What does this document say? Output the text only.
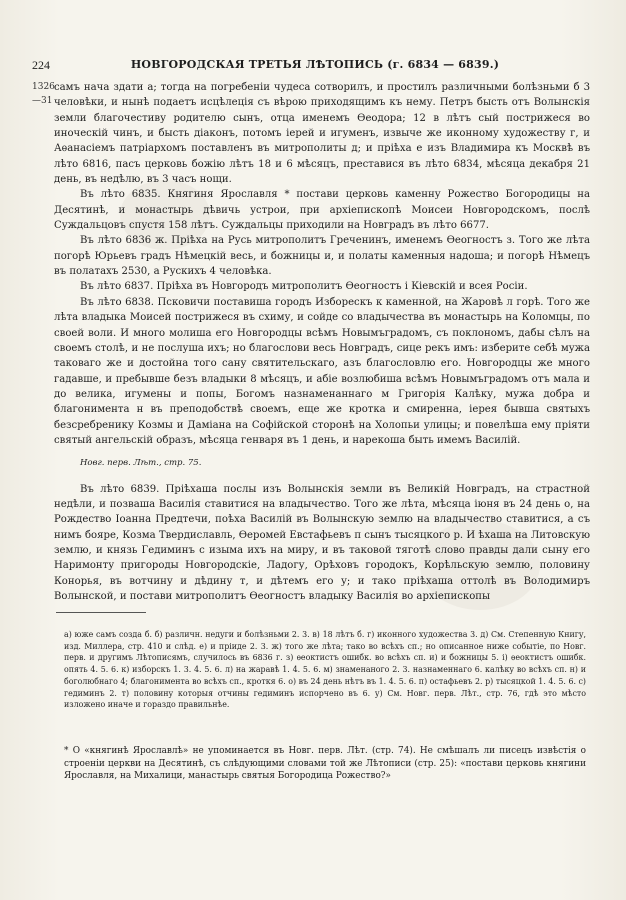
224	НОВГОРОДСКАЯ ТРЕТЬЯ ЛѢТОПИСЬ (г. 6834 — 6839.)
1326
—31

самъ нача здати а; тогда на погребеніи чудеса сотворилъ, и простилъ различными болѣзньми б 3 человѣки, и нынѣ подаетъ исцѣлеція съ вѣрою приходящимъ къ нему. Петръ бысть отъ Волынскія земли благочестиву родителю сынъ, отца именемъ Ѳеодора; 12 в лѣтъ сый пострижеся во иноческій чинъ, и бысть діаконъ, потомъ іерей и игуменъ, извыче же иконному художеству г, и Аѳанасіемъ патріархомъ поставленъ въ митрополиты д; и пріѣха е изъ Владимира къ Москвѣ въ лѣто 6816, пасъ церковь божію лѣтъ 18 и 6 мѣсяцъ, преставися въ лѣто 6834, мѣсяца декабря 21 день, въ недѣлю, въ 3 часъ нощи.

Въ лѣто 6835. Княгиня Ярославля * постави церковь каменну Рожество Богородицы на Десятинѣ, и монастырь дѣвичь устрои, при архіепископѣ Моисеи Новгородскомъ, послѣ Суждальцовъ спустя 158 лѣтъ. Суждальцы приходили на Новградъ въ лѣто 6677.

Въ лѣто 6836 ж. Пріѣха на Русь митрополитъ Греченинъ, именемъ Ѳеогностъ з. Того же лѣта погорѣ Юрьевъ градъ Нѣмецкій весь, и божницы и, и полаты каменныя надоша; и погорѣ Нѣмецъ въ полатахъ 2530, а Рускихъ 4 человѣка.

Въ лѣто 6837. Пріѣха въ Новгородъ митрополитъ Ѳеогностъ і Кіевскій и всея Росіи.

Въ лѣто 6838. Псковичи поставиша городъ Изборескъ к каменной, на Жаровѣ л горѣ. Того же лѣта владыка Моисей пострижеся въ схиму, и сойде со владычества въ монастырь на Коломцы, по своей воли. И много молиша его Новгородцы всѣмъ Новымъградомъ, съ поклономъ, дабы сѣлъ на своемъ столѣ, и не послуша ихъ; но благослови весь Новградъ, сице рекъ имъ: изберите себѣ мужа таковаго же и достойна того сану святительскаго, азъ благословлю его. Новгородцы же много гадавше, и пребывше безъ владыки 8 мѣсяцъ, и абіе возлюбиша всѣмъ Новымъградомъ отъ мала и до велика, игумены и попы, Богомъ назнаменаннаго м Григорія Калѣку, мужа добра и благонимента н въ преподобствѣ своемъ, еще же кротка и смиренна, іерея бывша святыхъ безсребренику Козмы и Даміана на Софійской сторонѣ на Холопьи улицы; и повелѣша ему пріяти святый ангельскій образъ, мѣсяца генваря въ 1 день, и нарекоша быть имемъ Василій.

Новг. перв. Лѣт., стр. 75.

Въ лѣто 6839. Пріѣхаша послы изъ Волынскія земли въ Великій Новградъ, на страстной недѣли, и позваша Василія ставитися на владычество. Того же лѣта, мѣсяца іюня въ 24 день о, на Рождество Іоанна Предтечи, поѣха Василій въ Волынскую землю на владычество ставитися, а съ нимъ бояре, Козма Твердиславль, Ѳеромей Евстафьевъ п сынъ тысяцкого р. И ѣхаша на Литовскую землю, и князь Гедиминъ с изыма ихъ на миру, и въ таковой тяготѣ слово правды дали сыну его Наримонту пригороды Новгородскіе, Ладогу, Орѣховъ городокъ, Корѣльскую землю, половину Конорья, въ вотчину и дѣдину т, и дѣтемъ его у; и тако пріѣхаша оттолѣ въ Володимиръ Волынской, и постави митрополитъ Ѳеогностъ владыку Василія во архіепископы

а) юже самъ созда б. б) различн. недуги и болѣзньми 2. 3. в) 18 лѣтъ б. г) иконного художества 3. д) См. Степенную Книгу, изд. Миллера, стр. 410 и слѣд. е) и пріиде 2. 3. ж) того же лѣта; тако во всѣхъ сп.; но описанное ниже событіе, по Новг. перв. и другимъ Лѣтописямъ, случилось въ 6836 г. з) ѳеоктистъ ошибк. во всѣхъ сп. и) и божницы 5. і) ѳеоктистъ ошибк. опять 4. 5. 6. к) изборскъ 1. 3. 4. 5. 6. л) на жаравѣ 1. 4. 5. 6. м) знаменаного 2. 3. назнаменнаго 6. калѣку во всѣхъ сп. н) и боголюбнаго 4; благонимента во всѣхъ сп., кроткя 6. о) въ 24 день нѣтъ въ 1. 4. 5. 6. п) остафьевъ 2. р) тысяцкой 1. 4. 5. 6. с) гедиминъ 2. т) половину которыя отчины гедиминъ испорчено въ 6. у) См. Новг. перв. Лѣт., стр. 76, гдѣ это мѣсто изложено иначе и гораздо правильнѣе.
* О «княгинѣ Ярославлѣ» не упоминается въ Новг. перв. Лѣт. (стр. 74). Не смѣшалъ ли писецъ извѣстія о строеніи церкви на Десятинѣ, съ слѣдующими словами той же Лѣтописи (стр. 25): «постави церковь княгини Ярославля, на Михалици, манастырь святыя Богородица Рожество?»
